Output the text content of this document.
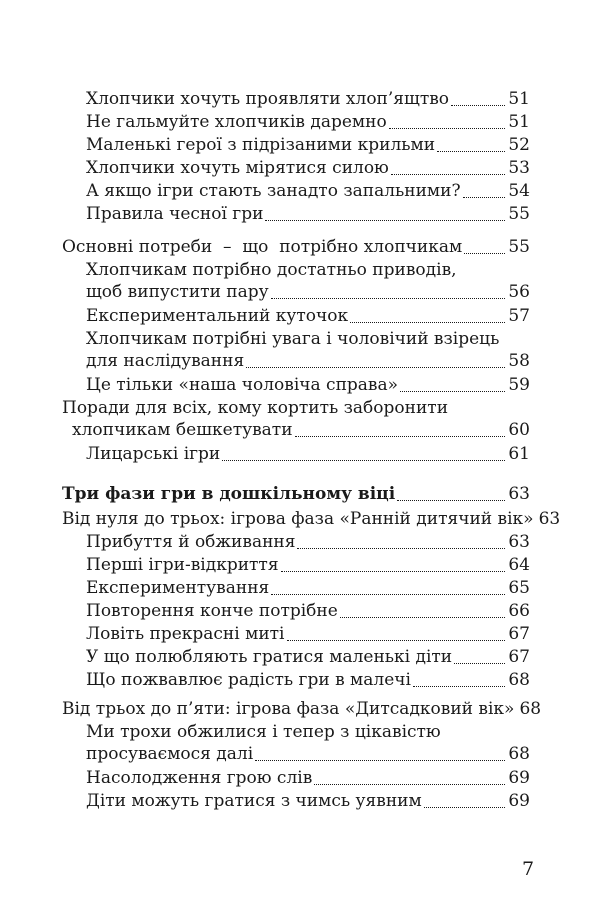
Хлопчики хочуть проявляти хлоп’ящтво	51
Не гальмуйте хлопчиків даремно	51
Маленькі герої з підрізаними крильми	52
Хлопчики хочуть мірятися силою	53
А якщо ігри стають занадто запальними?	54
Правила чесної гри	55
Основні потреби  –  що  потрібно хлопчикам	55
Хлопчикам потрібно достатньо приводів,
щоб випустити пару	56
Експериментальний куточок	57
Хлопчикам потрібні увага і чоловічий взірець
для наслідування	58
Це тільки «наша чоловіча справа»	59
Поради для всіх, кому кортить заборонити
хлопчикам бешкетувати	60
Лицарські ігри	61
Три фази гри в дошкільному віці	63
Від нуля до трьох: ігрова фаза «Ранній дитячий вік» 63
Прибуття й обживання	63
Перші ігри-відкриття	64
Експериментування	65
Повторення конче потрібне	66
Ловіть прекрасні миті	67
У що полюбляють гратися маленькі діти	67
Що пожвавлює радість гри в малечі	68
Від трьох до п’яти: ігрова фаза «Дитсадковий вік» 68
Ми трохи обжилися і тепер з цікавістю
просуваємося далі	68
Насолодження грою слів	69
Діти можуть гратися з чимсь уявним	69
7
